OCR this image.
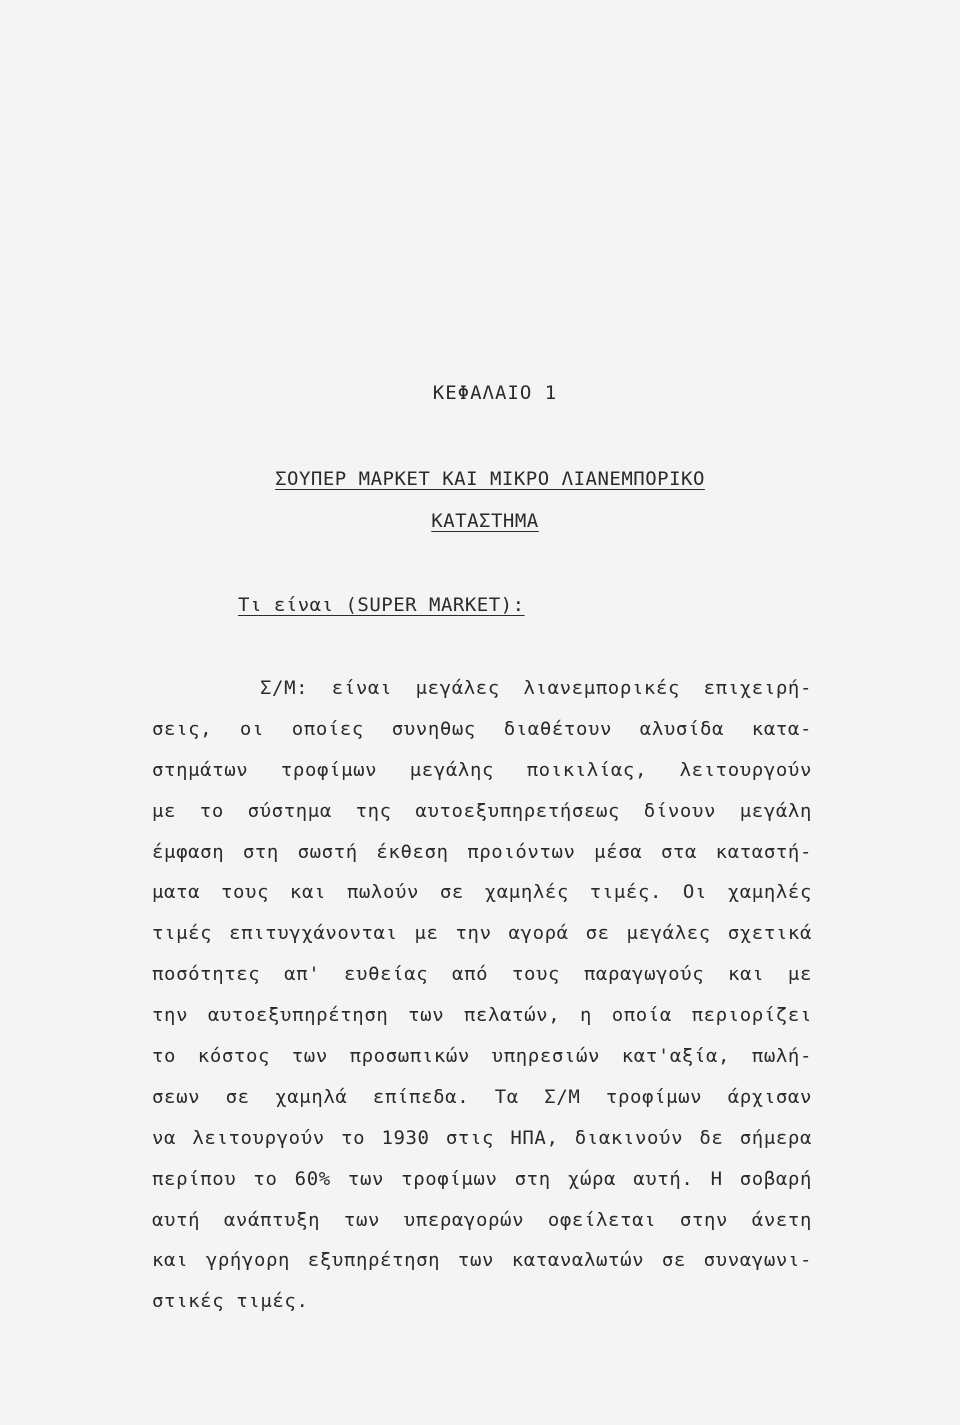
ΚΕΦΑΛΑΙΟ 1
ΣΟΥΠΕΡ ΜΑΡΚΕΤ ΚΑΙ ΜΙΚΡΟ ΛΙΑΝΕΜΠΟΡΙΚΟ
ΚΑΤΑΣΤΗΜΑ
Τι είναι (SUPER MARKET):
Σ/Μ: είναι μεγάλες λιανεμπορικές επιχειρή-
σεις, οι οποίες συνηθως διαθέτουν αλυσίδα κατα-
στημάτων τροφίμων μεγάλης ποικιλίας, λειτουργούν
με το σύστημα της αυτοεξυπηρετήσεως δίνουν μεγάλη
έμφαση στη σωστή έκθεση προιόντων μέσα στα καταστή-
ματα τους και πωλούν σε χαμηλές τιμές. Οι χαμηλές
τιμές επιτυγχάνονται με την αγορά σε μεγάλες σχετικά
ποσότητες απ' ευθείας από τους παραγωγούς και με
την αυτοεξυπηρέτηση των πελατών, η οποία περιορίζει
το κόστος των προσωπικών υπηρεσιών κατ'αξία, πωλή-
σεων σε χαμηλά επίπεδα. Τα Σ/Μ τροφίμων άρχισαν
να λειτουργούν το 1930 στις ΗΠΑ, διακινούν δε σήμερα
περίπου το 60% των τροφίμων στη χώρα αυτή. Η σοβαρή
αυτή ανάπτυξη των υπεραγορών οφείλεται στην άνετη
και γρήγορη εξυπηρέτηση των καταναλωτών σε συναγωνι-
στικές τιμές.
